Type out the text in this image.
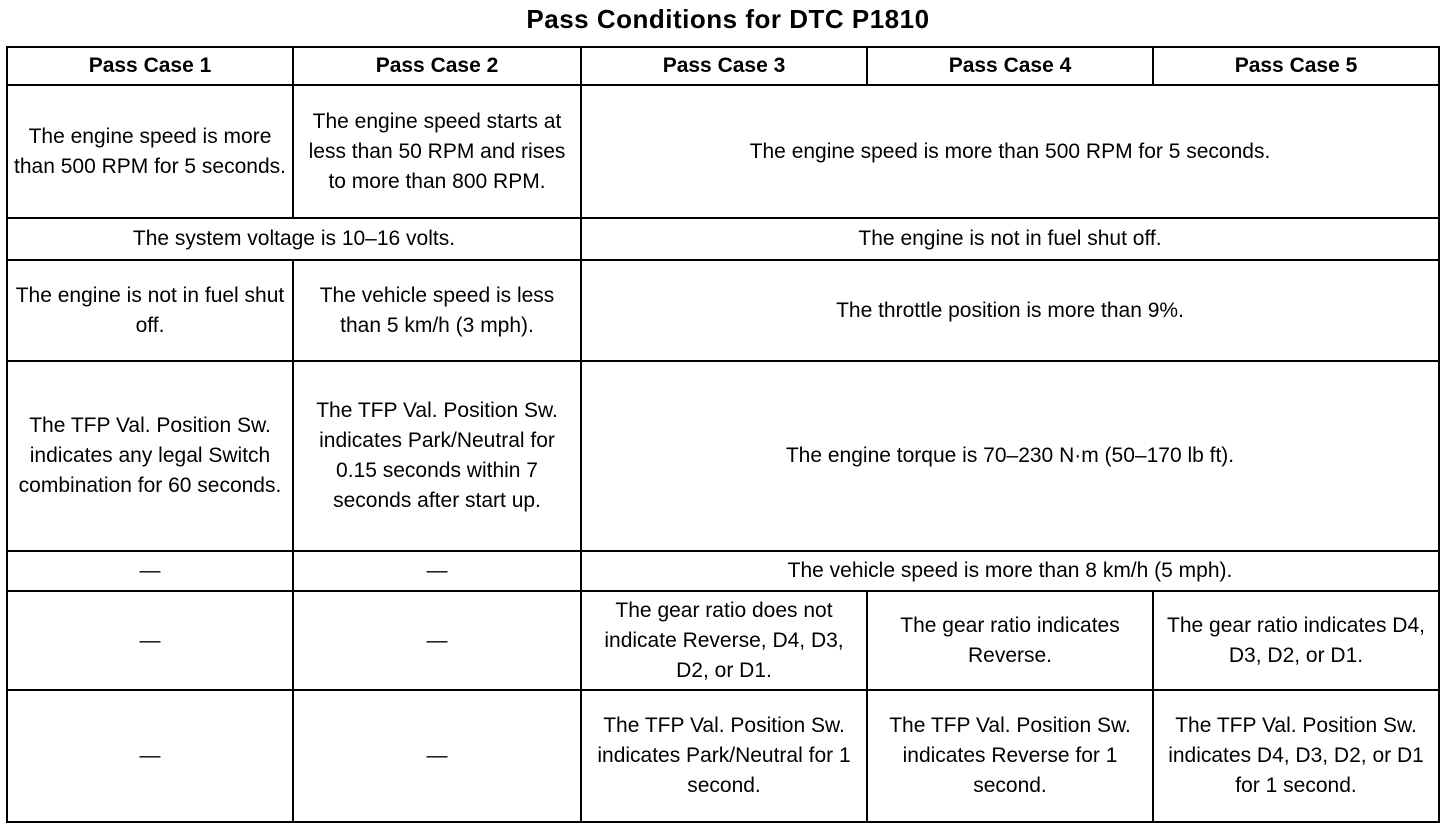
Pass Conditions for DTC P1810
Pass Case 1	Pass Case 2	Pass Case 3	Pass Case 4	Pass Case 5
The engine speed is more than 500 RPM for 5 seconds.	The engine speed starts at less than 50 RPM and rises to more than 800 RPM.	The engine speed is more than 500 RPM for 5 seconds.		
The system voltage is 10–16 volts.		The engine is not in fuel shut off.		
The engine is not in fuel shut off.	The vehicle speed is less than 5 km/h (3 mph).	The throttle position is more than 9%.		
The TFP Val. Position Sw. indicates any legal Switch combination for 60 seconds.	The TFP Val. Position Sw. indicates Park/Neutral for 0.15 seconds within 7 seconds after start up.	The engine torque is 70–230 N·m (50–170 lb ft).		
—	—	The vehicle speed is more than 8 km/h (5 mph).		
—	—	The gear ratio does not indicate Reverse, D4, D3, D2, or D1.	The gear ratio indicates Reverse.	The gear ratio indicates D4, D3, D2, or D1.
—	—	The TFP Val. Position Sw. indicates Park/Neutral for 1 second.	The TFP Val. Position Sw. indicates Reverse for 1 second.	The TFP Val. Position Sw. indicates D4, D3, D2, or D1 for 1 second.
